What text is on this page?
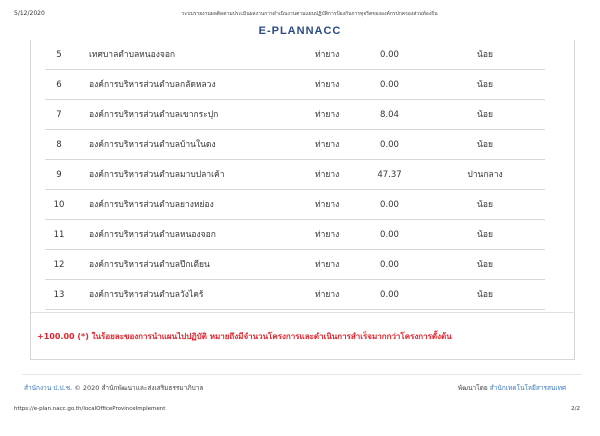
5/12/2020	ระบบรายงานผลติดตามประเมินผลงานการดำเนินงานตามแผนปฏิบัติการป้องกันการทุจริตขององค์กรปกครองส่วนท้องถิ่น
E-PLANNACC
5	เทศบาลตำบลหนองจอก	ท่ายาง	0.00	น้อย
6	องค์การบริหารส่วนตำบลกลัดหลวง	ท่ายาง	0.00	น้อย
7	องค์การบริหารส่วนตำบลเขากระปุก	ท่ายาง	8.04	น้อย
8	องค์การบริหารส่วนตำบลบ้านในดง	ท่ายาง	0.00	น้อย
9	องค์การบริหารส่วนตำบลมาบปลาเค้า	ท่ายาง	47.37	ปานกลาง
10	องค์การบริหารส่วนตำบลยางหย่อง	ท่ายาง	0.00	น้อย
11	องค์การบริหารส่วนตำบลหนองจอก	ท่ายาง	0.00	น้อย
12	องค์การบริหารส่วนตำบลปึกเตียน	ท่ายาง	0.00	น้อย
13	องค์การบริหารส่วนตำบลวังไคร้	ท่ายาง	0.00	น้อย
+100.00 (*) ในร้อยละของการนำแผนไปปฏิบัติ หมายถึงมีจำนวนโครงการและดำเนินการสำเร็จมากกว่าโครงการตั้งต้น
สำนักงาน ป.ป.ช. © 2020 สำนักพัฒนาและส่งเสริมธรรมาภิบาล	พัฒนาโดย สำนักเทคโนโลยีสารสนเทศ
https://e-plan.nacc.go.th/localOfficeProvinceImplement	2/2
